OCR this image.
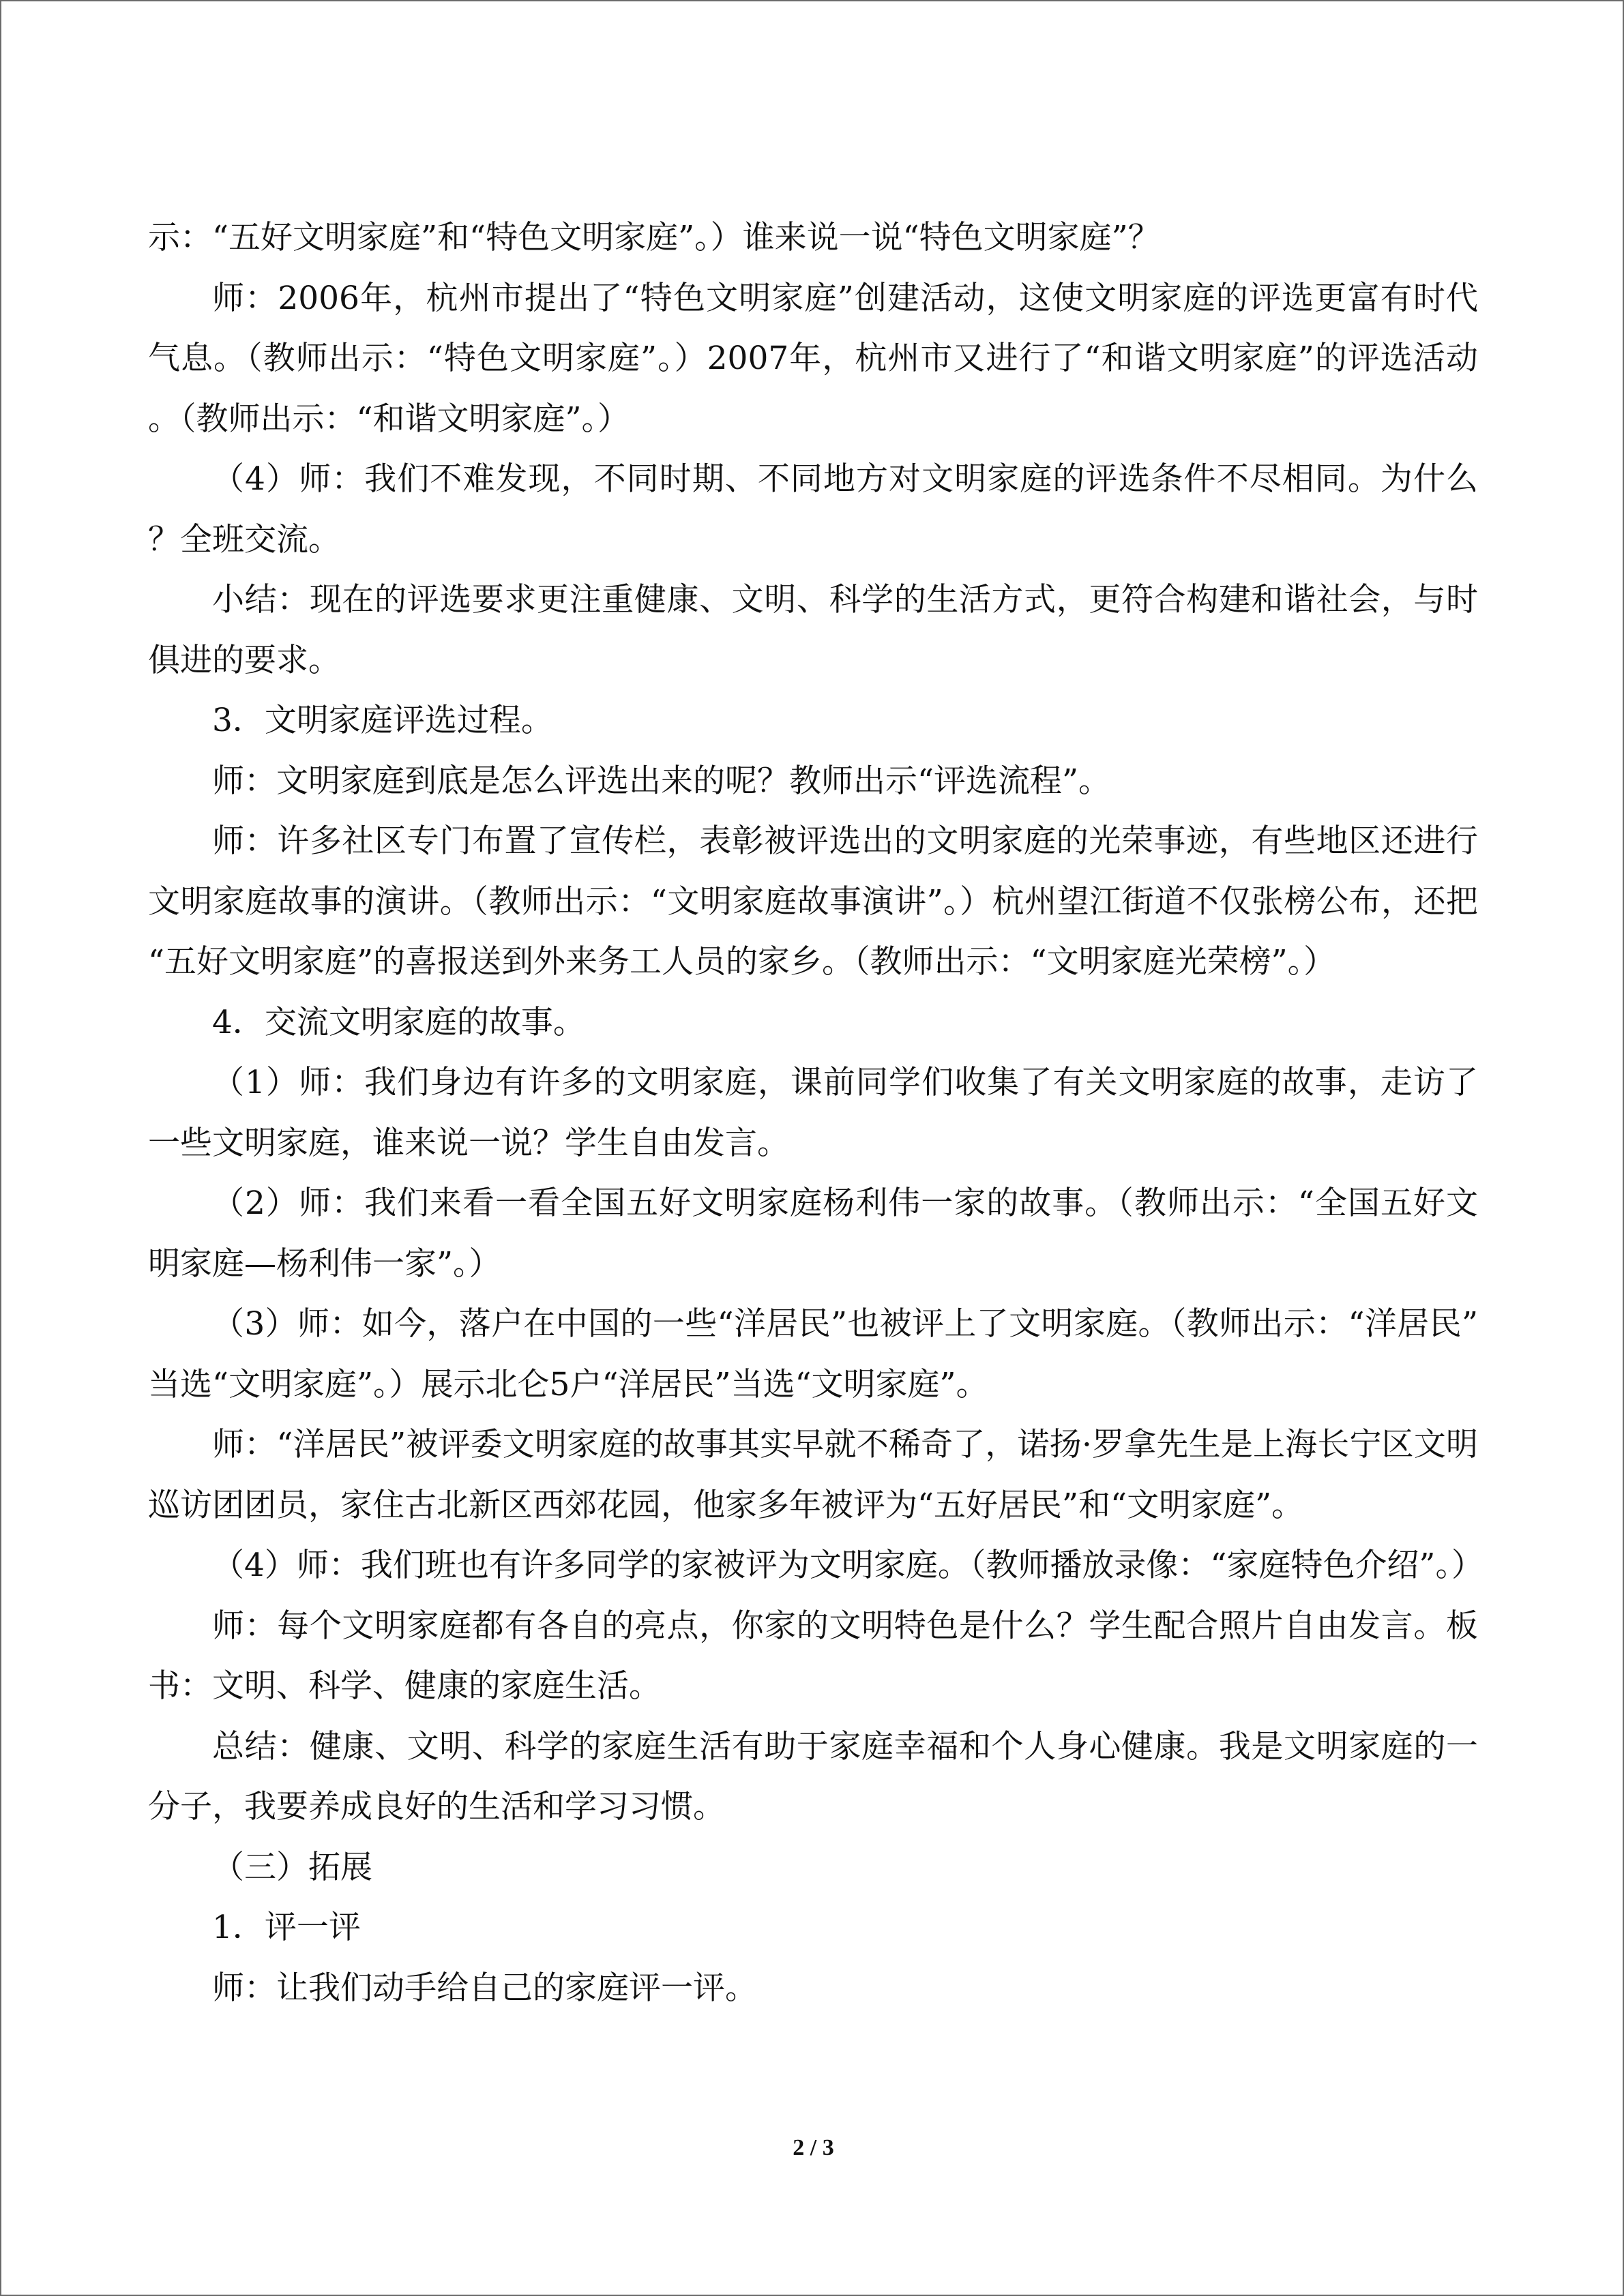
示：“五好文明家庭”和“特色文明家庭”。）谁来说一说“特色文明家庭”？

师：2006年，杭州市提出了“特色文明家庭”创建活动，这使文明家庭的评选更富有时代气息。（教师出示：“特色文明家庭”。）2007年，杭州市又进行了“和谐文明家庭”的评选活动。（教师出示：“和谐文明家庭”。）

（4）师：我们不难发现，不同时期、不同地方对文明家庭的评选条件不尽相同。为什么？全班交流。

小结：现在的评选要求更注重健康、文明、科学的生活方式，更符合构建和谐社会，与时俱进的要求。

3．文明家庭评选过程。

师：文明家庭到底是怎么评选出来的呢？教师出示“评选流程”。

师：许多社区专门布置了宣传栏，表彰被评选出的文明家庭的光荣事迹，有些地区还进行文明家庭故事的演讲。（教师出示：“文明家庭故事演讲”。）杭州望江街道不仅张榜公布，还把“五好文明家庭”的喜报送到外来务工人员的家乡。（教师出示：“文明家庭光荣榜”。）

4．交流文明家庭的故事。

（1）师：我们身边有许多的文明家庭，课前同学们收集了有关文明家庭的故事，走访了一些文明家庭，谁来说一说？学生自由发言。

（2）师：我们来看一看全国五好文明家庭杨利伟一家的故事。（教师出示：“全国五好文明家庭—杨利伟一家”。）

（3）师：如今，落户在中国的一些“洋居民”也被评上了文明家庭。（教师出示：“洋居民”当选“文明家庭”。）展示北仑5户“洋居民”当选“文明家庭”。

师：“洋居民”被评委文明家庭的故事其实早就不稀奇了，诺扬·罗拿先生是上海长宁区文明巡访团团员，家住古北新区西郊花园，他家多年被评为“五好居民”和“文明家庭”。

（4）师：我们班也有许多同学的家被评为文明家庭。（教师播放录像：“家庭特色介绍”。）

师：每个文明家庭都有各自的亮点，你家的文明特色是什么？学生配合照片自由发言。板书：文明、科学、健康的家庭生活。

总结：健康、文明、科学的家庭生活有助于家庭幸福和个人身心健康。我是文明家庭的一分子，我要养成良好的生活和学习习惯。

（三）拓展

1．评一评

师：让我们动手给自己的家庭评一评。

2 / 3
